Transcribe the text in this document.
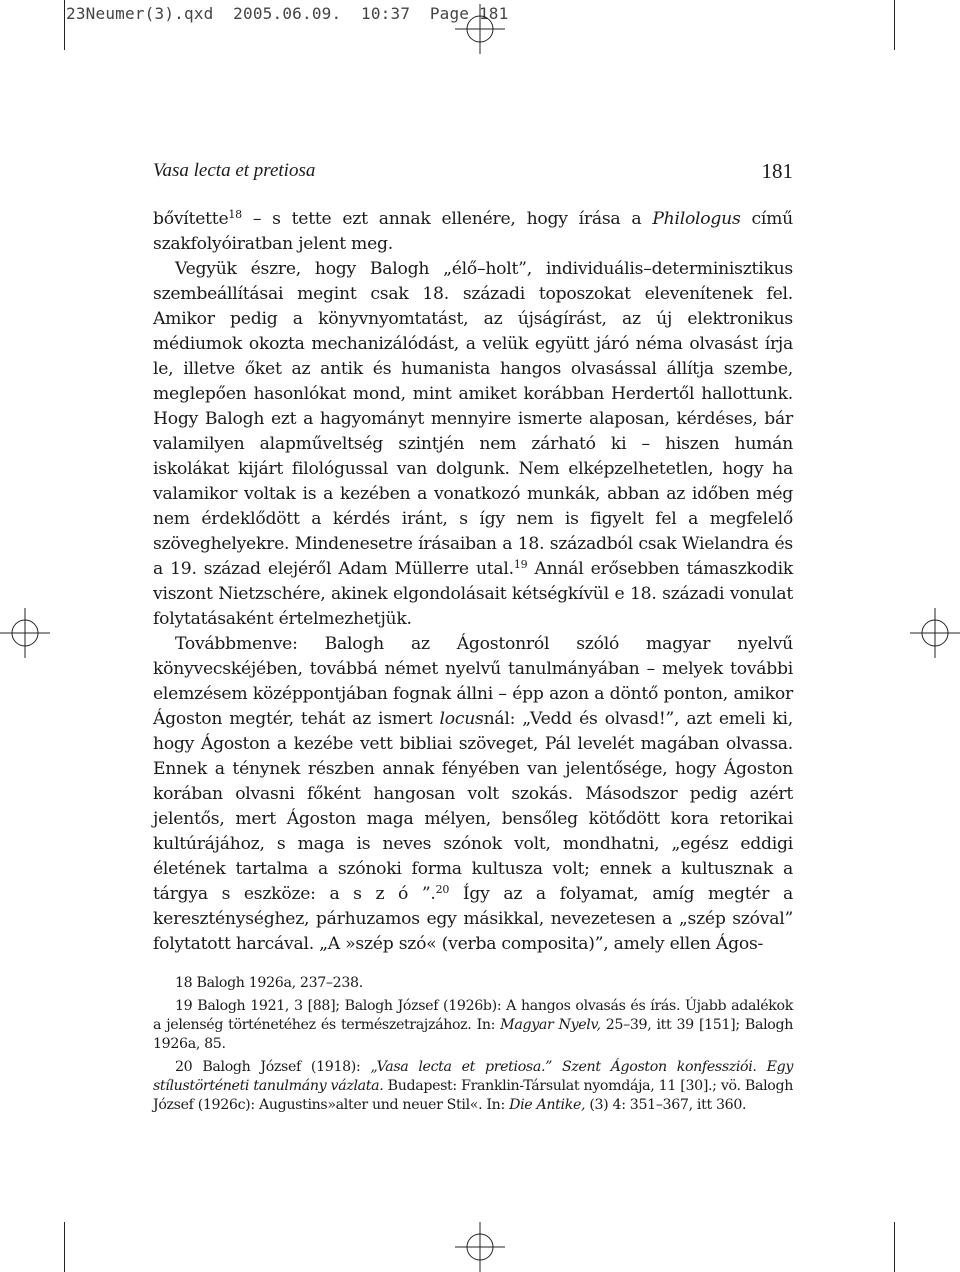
23Neumer(3).qxd  2005.06.09.  10:37  Page 181
Vasa lecta et pretiosa	181

bővítette$^{18}$ – s tette ezt annak ellenére, hogy írása a Philologus című szakfolyóiratban jelent meg.

Vegyük észre, hogy Balogh „élő–holt”, individuális–determinisztikus szembeállításai megint csak 18. századi toposzokat elevenítenek fel. Amikor pedig a könyvnyomtatást, az újságírást, az új elektronikus médiumok okozta mechanizálódást, a velük együtt járó néma olvasást írja le, illetve őket az antik és humanista hangos olvasással állítja szembe, meglepően hasonlókat mond, mint amiket korábban Herdertől hallottunk. Hogy Balogh ezt a hagyományt mennyire ismerte alaposan, kérdéses, bár valamilyen alapműveltség szintjén nem zárható ki – hiszen humán iskolákat kijárt filológussal van dolgunk. Nem elképzelhetetlen, hogy ha valamikor voltak is a kezében a vonatkozó munkák, abban az időben még nem érdeklődött a kérdés iránt, s így nem is figyelt fel a megfelelő szöveghelyekre. Mindenesetre írásaiban a 18. századból csak Wielandra és a 19. század elejéről Adam Müllerre utal.$^{19}$ Annál erősebben támaszkodik viszont Nietzschére, akinek elgondolásait kétségkívül e 18. századi vonulat folytatásaként értelmezhetjük.

Továbbmenve: Balogh az Ágostonról szóló magyar nyelvű könyvecskéjében, továbbá német nyelvű tanulmányában – melyek további elemzésem középpontjában fognak állni – épp azon a döntő ponton, amikor Ágoston megtér, tehát az ismert locusnál: „Vedd és olvasd!”, azt emeli ki, hogy Ágoston a kezébe vett bibliai szöveget, Pál levelét magában olvassa. Ennek a ténynek részben annak fényében van jelentősége, hogy Ágoston korában olvasni főként hangosan volt szokás. Másodszor pedig azért jelentős, mert Ágoston maga mélyen, bensőleg kötődött kora retorikai kultúrájához, s maga is neves szónok volt, mondhatni, „egész eddigi életének tartalma a szónoki forma kultusza volt; ennek a kultusznak a tárgya s eszköze: a s z ó ”.$^{20}$ Így az a folyamat, amíg megtér a kereszténységhez, párhuzamos egy másikkal, nevezetesen a „szép szóval” folytatott harcával. „A »szép szó« (verba composita)”, amely ellen Ágos-

18 Balogh 1926a, 237–238.

19 Balogh 1921, 3 [88]; Balogh József (1926b): A hangos olvasás és írás. Újabb adalékok a jelenség történetéhez és természetrajzához. In: Magyar Nyelv, 25–39, itt 39 [151]; Balogh 1926a, 85.

20 Balogh József (1918): „Vasa lecta et pretiosa.” Szent Ágoston konfessziói. Egy stílustörténeti tanulmány vázlata. Budapest: Franklin-Társulat nyomdája, 11 [30].; vö. Balogh József (1926c): Augustins»alter und neuer Stil«. In: Die Antike, (3) 4: 351–367, itt 360.
